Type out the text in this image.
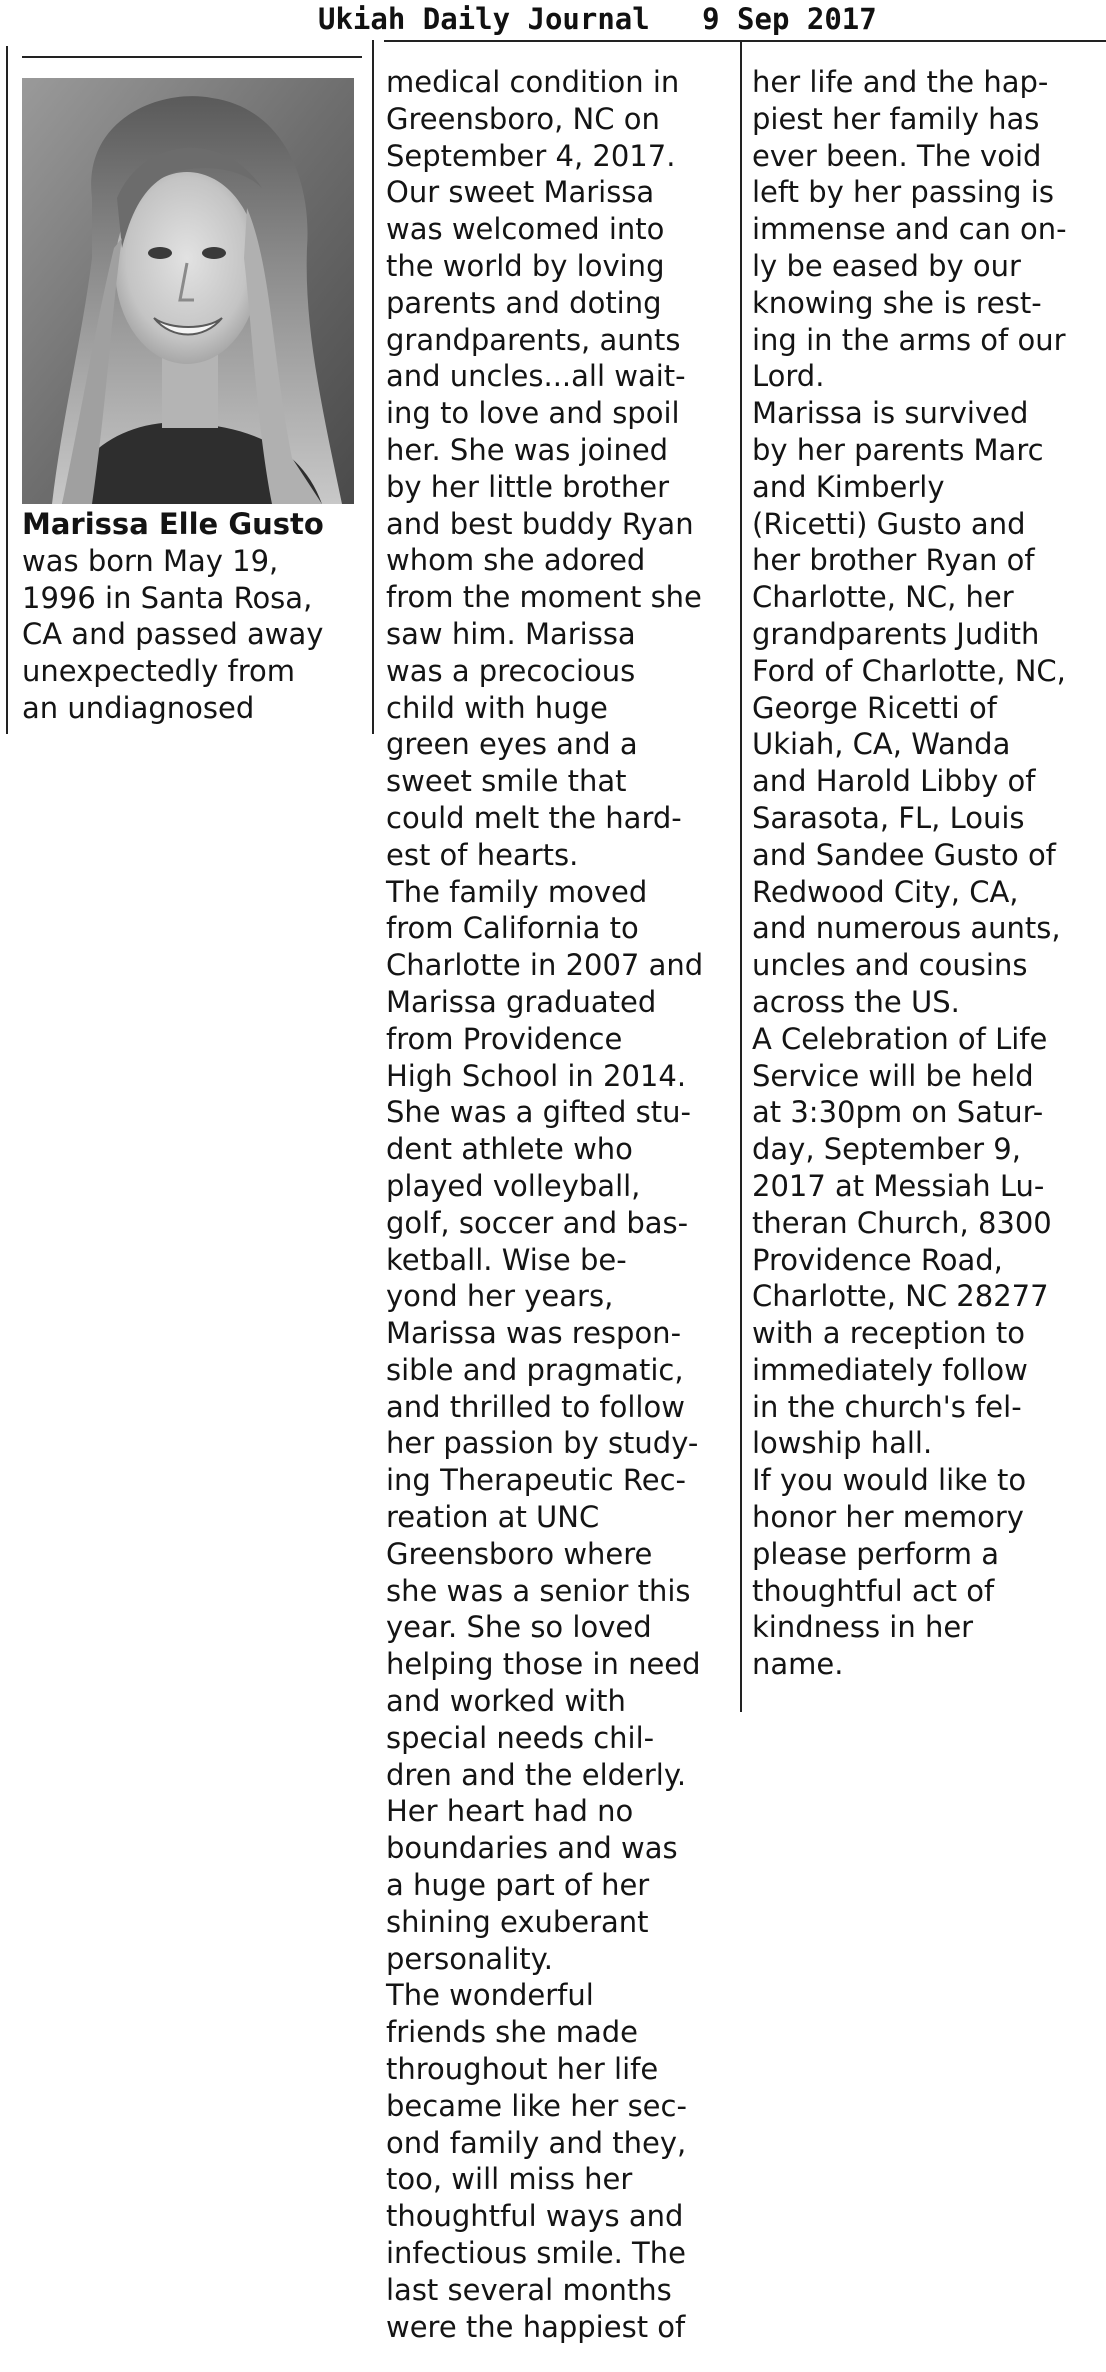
Ukiah Daily Journal 9 Sep 2017
Marissa Elle Gusto
was born May 19,
1996 in Santa Rosa,
CA and passed away
unexpectedly from
an undiagnosed
medical condition in
Greensboro, NC on
September 4, 2017.
Our sweet Marissa
was welcomed into
the world by loving
parents and doting
grandparents, aunts
and uncles...all wait-
ing to love and spoil
her. She was joined
by her little brother
and best buddy Ryan
whom she adored
from the moment she
saw him. Marissa
was a precocious
child with huge
green eyes and a
sweet smile that
could melt the hard-
est of hearts.
The family moved
from California to
Charlotte in 2007 and
Marissa graduated
from Providence
High School in 2014.
She was a gifted stu-
dent athlete who
played volleyball,
golf, soccer and bas-
ketball. Wise be-
yond her years,
Marissa was respon-
sible and pragmatic,
and thrilled to follow
her passion by study-
ing Therapeutic Rec-
reation at UNC
Greensboro where
she was a senior this
year. She so loved
helping those in need
and worked with
special needs chil-
dren and the elderly.
Her heart had no
boundaries and was
a huge part of her
shining exuberant
personality.
The wonderful
friends she made
throughout her life
became like her sec-
ond family and they,
too, will miss her
thoughtful ways and
infectious smile. The
last several months
were the happiest of
her life and the hap-
piest her family has
ever been. The void
left by her passing is
immense and can on-
ly be eased by our
knowing she is rest-
ing in the arms of our
Lord.
Marissa is survived
by her parents Marc
and Kimberly
(Ricetti) Gusto and
her brother Ryan of
Charlotte, NC, her
grandparents Judith
Ford of Charlotte, NC,
George Ricetti of
Ukiah, CA, Wanda
and Harold Libby of
Sarasota, FL, Louis
and Sandee Gusto of
Redwood City, CA,
and numerous aunts,
uncles and cousins
across the US.
A Celebration of Life
Service will be held
at 3:30pm on Satur-
day, September 9,
2017 at Messiah Lu-
theran Church, 8300
Providence Road,
Charlotte, NC 28277
with a reception to
immediately follow
in the church's fel-
lowship hall.
If you would like to
honor her memory
please perform a
thoughtful act of
kindness in her
name.
